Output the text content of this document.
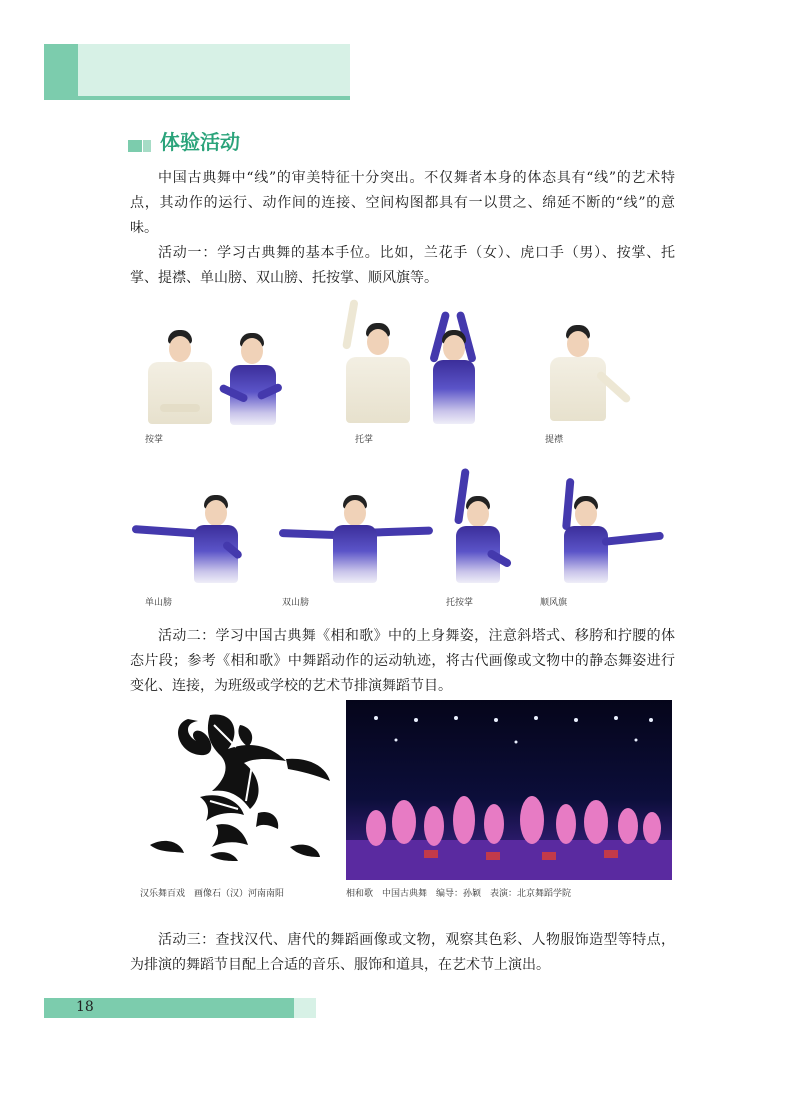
体验活动

中国古典舞中“线”的审美特征十分突出。不仅舞者本身的体态具有“线”的艺术特点，其动作的运行、动作间的连接、空间构图都具有一以贯之、绵延不断的“线”的意味。

活动一：学习古典舞的基本手位。比如，兰花手（女）、虎口手（男）、按掌、托掌、提襟、单山膀、双山膀、托按掌、顺风旗等。

按掌	托掌	提襟
单山膀	双山膀	托按掌	顺风旗

活动二：学习中国古典舞《相和歌》中的上身舞姿，注意斜塔式、移胯和拧腰的体态片段；参考《相和歌》中舞蹈动作的运动轨迹，将古代画像或文物中的静态舞姿进行变化、连接，为班级或学校的艺术节排演舞蹈节目。

汉乐舞百戏　画像石（汉）河南南阳	相和歌　中国古典舞　编导：孙颖　表演：北京舞蹈学院

活动三：查找汉代、唐代的舞蹈画像或文物，观察其色彩、人物服饰造型等特点，为排演的舞蹈节目配上合适的音乐、服饰和道具，在艺术节上演出。

18
